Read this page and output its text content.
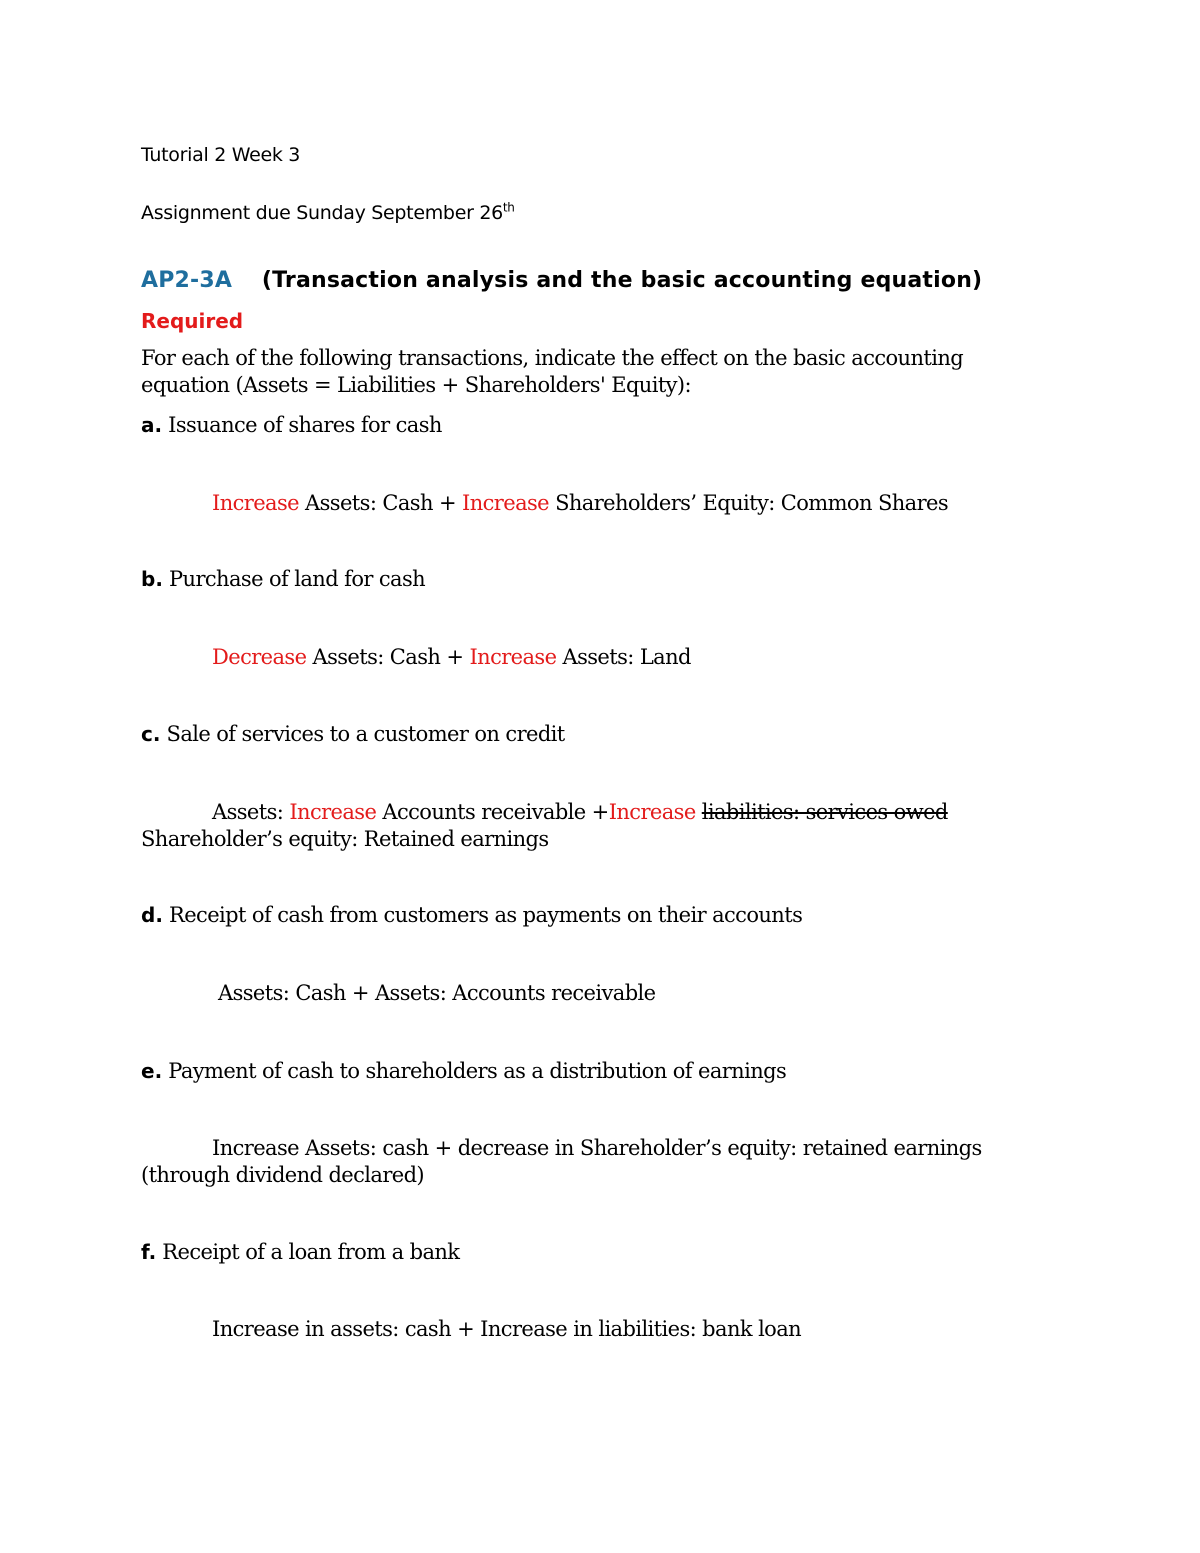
Tutorial 2 Week 3
Assignment due Sunday September 26th
AP2-3A (Transaction analysis and the basic accounting equation)
Required
For each of the following transactions, indicate the effect on the basic accounting
equation (Assets = Liabilities + Shareholders' Equity):
a. Issuance of shares for cash
Increase Assets: Cash + Increase Shareholders’ Equity: Common Shares
b. Purchase of land for cash
Decrease Assets: Cash + Increase Assets: Land
c. Sale of services to a customer on credit
Assets: Increase Accounts receivable +Increase liabilities: services owed
Shareholder’s equity: Retained earnings
d. Receipt of cash from customers as payments on their accounts
Assets: Cash + Assets: Accounts receivable
e. Payment of cash to shareholders as a distribution of earnings
Increase Assets: cash + decrease in Shareholder’s equity: retained earnings
(through dividend declared)
f. Receipt of a loan from a bank
Increase in assets: cash + Increase in liabilities: bank loan
